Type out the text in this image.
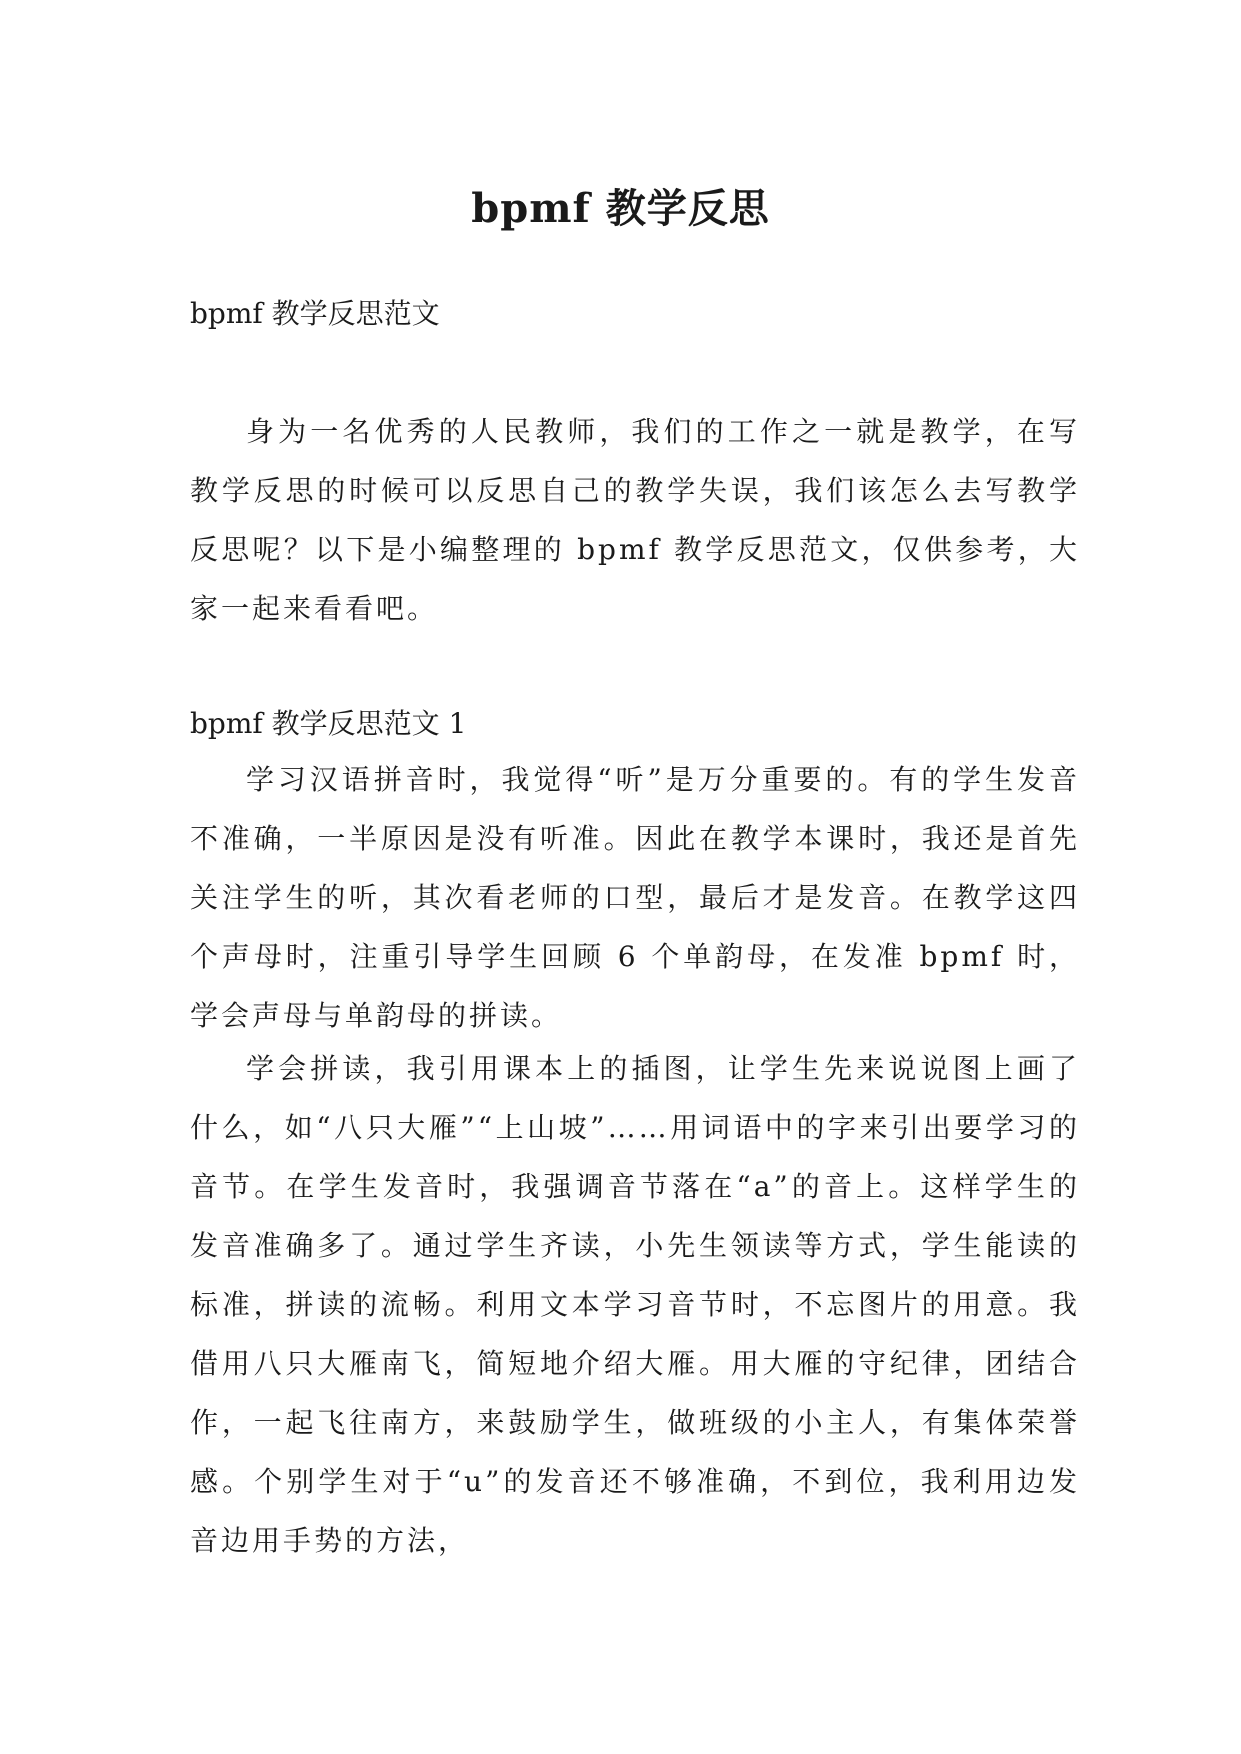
bpmf 教学反思

bpmf 教学反思范文

身为一名优秀的人民教师，我们的工作之一就是教学，在写教学反思的时候可以反思自己的教学失误，我们该怎么去写教学反思呢？以下是小编整理的 bpmf 教学反思范文，仅供参考，大家一起来看看吧。

bpmf 教学反思范文 1

学习汉语拼音时，我觉得“听”是万分重要的。有的学生发音不准确，一半原因是没有听准。因此在教学本课时，我还是首先关注学生的听，其次看老师的口型，最后才是发音。在教学这四个声母时，注重引导学生回顾 6 个单韵母，在发准 bpmf 时，学会声母与单韵母的拼读。

学会拼读，我引用课本上的插图，让学生先来说说图上画了什么，如“八只大雁”“上山坡”……用词语中的字来引出要学习的音节。在学生发音时，我强调音节落在“a”的音上。这样学生的发音准确多了。通过学生齐读，小先生领读等方式，学生能读的标准，拼读的流畅。利用文本学习音节时，不忘图片的用意。我借用八只大雁南飞，简短地介绍大雁。用大雁的守纪律，团结合作，一起飞往南方，来鼓励学生，做班级的小主人，有集体荣誉感。个别学生对于“u”的发音还不够准确，不到位，我利用边发音边用手势的方法，
